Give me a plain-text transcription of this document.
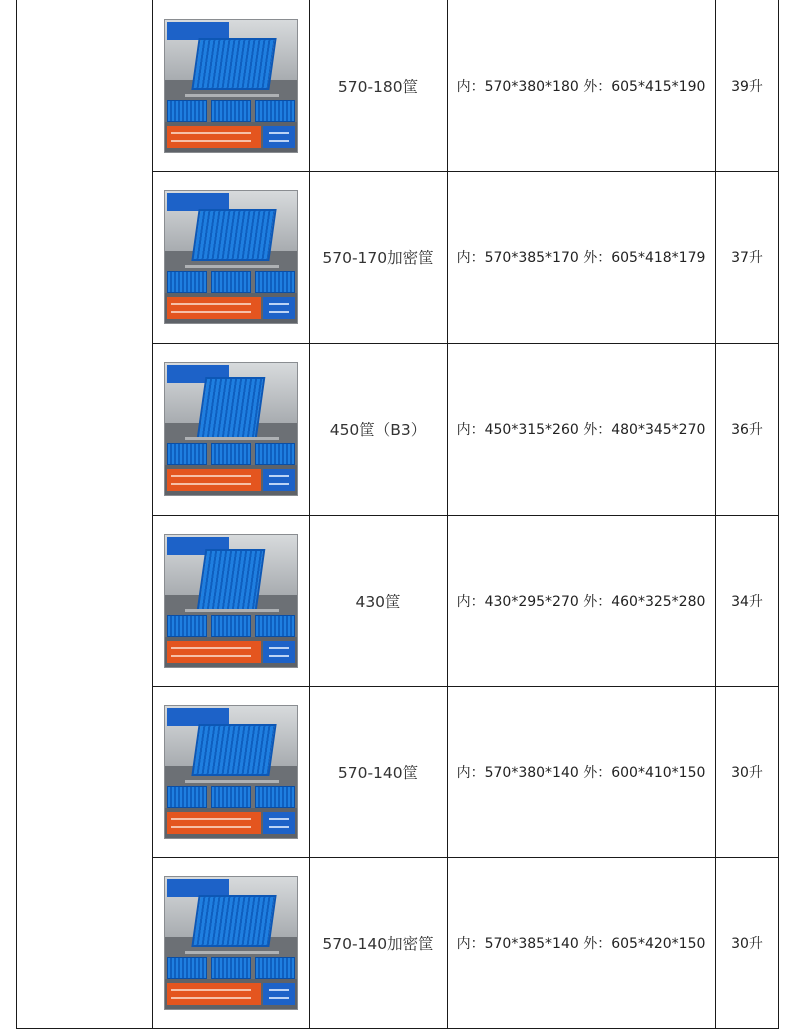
570-180筐	内：570*380*180 外：605*415*190	39升
570-170加密筐	内：570*385*170 外：605*418*179	37升
450筐（B3）	内：450*315*260 外：480*345*270	36升
430筐	内：430*295*270 外：460*325*280	34升
570-140筐	内：570*380*140 外：600*410*150	30升
570-140加密筐	内：570*385*140 外：605*420*150	30升
